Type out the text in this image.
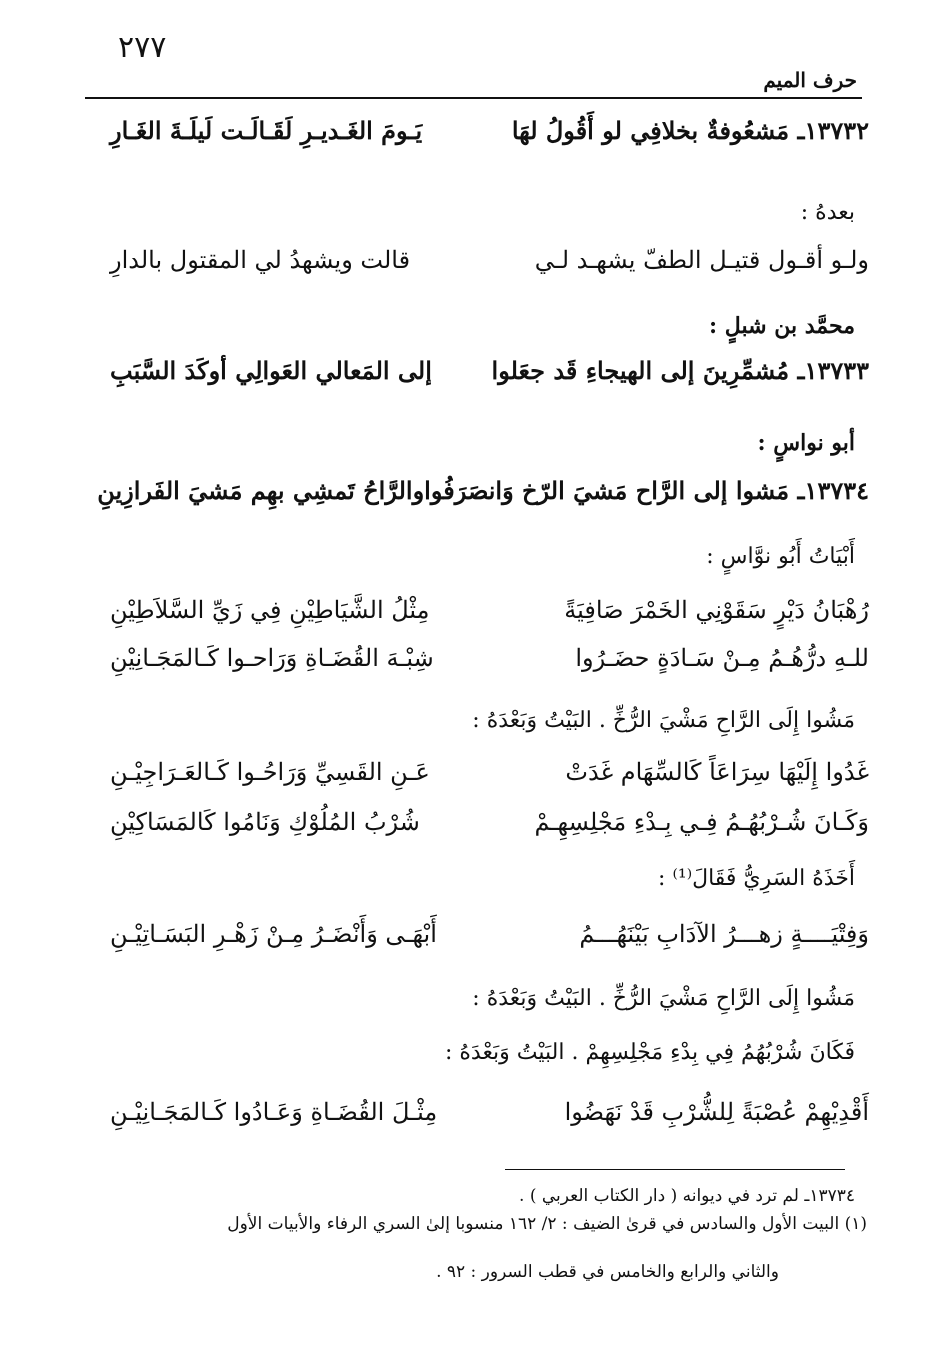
٢٧٧
حرف الميم
١٣٧٣٢ـ مَشعُوفةٌ بخلافِي لو أَقُولُ لهَا
يَـومَ الغَـديـرِ لَقَـالَـت لَيلَـةَ الغَـارِ
بعدهُ :
ولـو أقـول قتيـل الطفّ يشهـد لـي
قالت ويشهدُ لي المقتول بالدارِ
محمَّد بن شبلٍ :
١٣٧٣٣ـ مُشمِّرِينَ إلى الهيجاءِ قَد جعَلوا
إلى المَعالي العَوالِي أوكَدَ السَّبَبِ
أبو نواسٍ :
١٣٧٣٤ـ مَشوا إلى الرَّاح مَشيَ الرّخ وَانصَرَفُوا
والرَّاحُ تَمشِي بهِم مَشيَ الفَرازِينِ
أَبْيَاتُ أَبُو نوَّاسٍ :
رُهْبَانُ دَيْرٍ سَقَوْنِي الخَمْرَ صَافِيَةً
مِثْلُ الشَّيَاطِيْنِ فِي زَيِّ السَّلاَطِيْنِ
للـهِ درُّهُـمُ مِـنْ سَـادَةٍ حضَـرُوا
شِبْـهَ القُضَـاةِ وَرَاحـوا كَـالمَجَـانِيْنِ
مَشُوا إِلَى الرَّاحِ مَشْيَ الرُّخِّ . البَيْتُ وَبَعْدَهُ :
غَدُوا إِلَيْهَا سِرَاعَاً كَالسِّهَام غَدَتْ
عَـنِ القَسِيِّ وَرَاحُـوا كَـالعَـرَاجِيْـنِ
وَكَـانَ شُـرْبُهُـمُ فِـي بِـدْءِ مَجْلِسِهِـمْ
شُرْبُ المُلُوْكِ وَنَامُوا كَالمَسَاكِيْنِ
أَخَذَهُ السَرِيُّ فَقَالَ⁽¹⁾ :
وَفِتْيَــــةٍ زهـــرُ الآدَابِ بَيْنَهُـــمُ
أَبْهَـى وَأَنْضَـرُ مِـنْ زَهْـرِ البَسَـاتِيْـنِ
مَشُوا إِلَى الرَّاحِ مَشْيَ الرُّخِّ . البَيْتُ وَبَعْدَهُ :
فَكَانَ شُرْبُهُمُ فِي بِدْءِ مَجْلِسِهِمْ . البَيْتُ وَبَعْدَهُ :
أَقْدِيْهِمْ عُصْبَةً لِلشُّرْبِ قَدْ نَهَضُوا
مِثْـلَ القُضَـاةِ وَعَـادُوا كَـالمَجَـانِيْـنِ
١٣٧٣٤ـ لم ترد في ديوانه ( دار الكتاب العربي ) .
(١) البيت الأول والسادس في قرىٰ الضيف : ٢/ ١٦٢ منسوبا إلىٰ السري الرفاء والأبيات الأول
والثاني والرابع والخامس في قطب السرور : ٩٢ .
